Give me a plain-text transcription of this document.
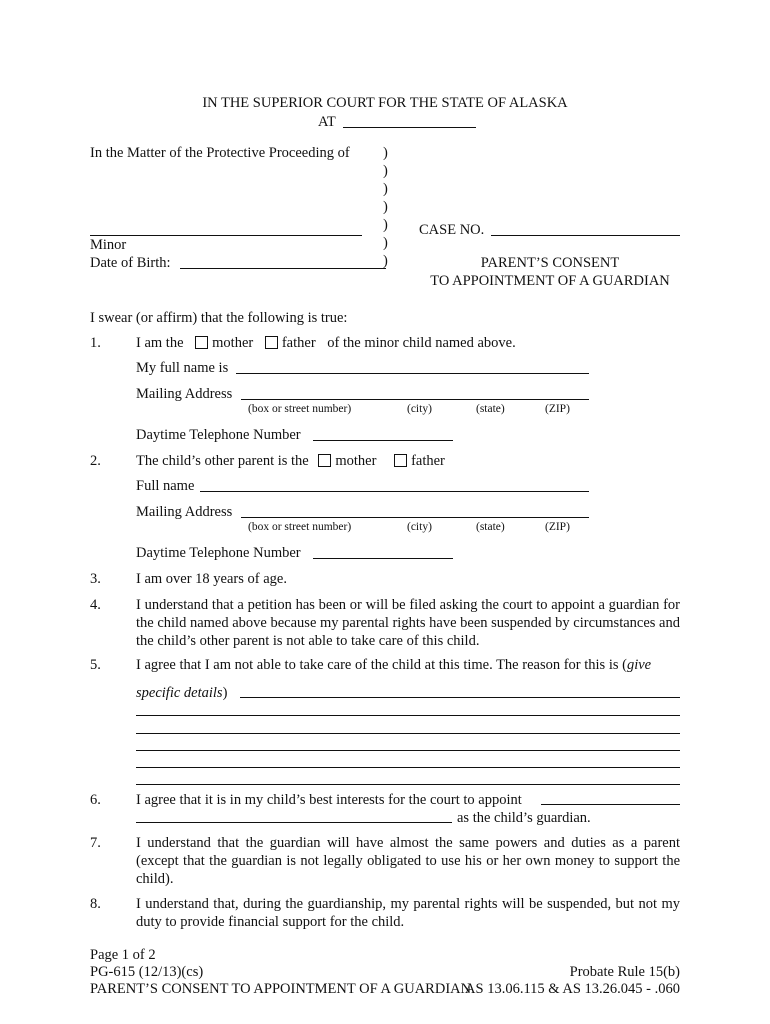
IN THE SUPERIOR COURT FOR THE STATE OF ALASKA
AT
In the Matter of the Protective Proceeding of )
)
)
)
)
)
)
Minor
Date of Birth:
CASE NO.
PARENT’S CONSENT
TO APPOINTMENT OF A GUARDIAN
I swear (or affirm) that the following is true:
1. I am the mother father of the minor child named above.
My full name is
Mailing Address
(box or street number)	(city)	(state)	(ZIP)
Daytime Telephone Number
2. The child’s other parent is the mother father
Full name
Mailing Address
(box or street number)	(city)	(state)	(ZIP)
Daytime Telephone Number
3. I am over 18 years of age.
4. I understand that a petition has been or will be filed asking the court to appoint a guardian for the child named above because my parental rights have been suspended by circumstances and the child’s other parent is not able to take care of this child.
5. I agree that I am not able to take care of the child at this time. The reason for this is (give
specific details)
6. I agree that it is in my child’s best interests for the court to appoint
as the child’s guardian.
7. I understand that the guardian will have almost the same powers and duties as a parent (except that the guardian is not legally obligated to use his or her own money to support the child).
8. I understand that, during the guardianship, my parental rights will be suspended, but not my duty to provide financial support for the child.
Page 1 of 2
PG-615 (12/13)(cs)	Probate Rule 15(b)
PARENT’S CONSENT TO APPOINTMENT OF A GUARDIAN
AS 13.06.115 & AS 13.26.045 - .060
